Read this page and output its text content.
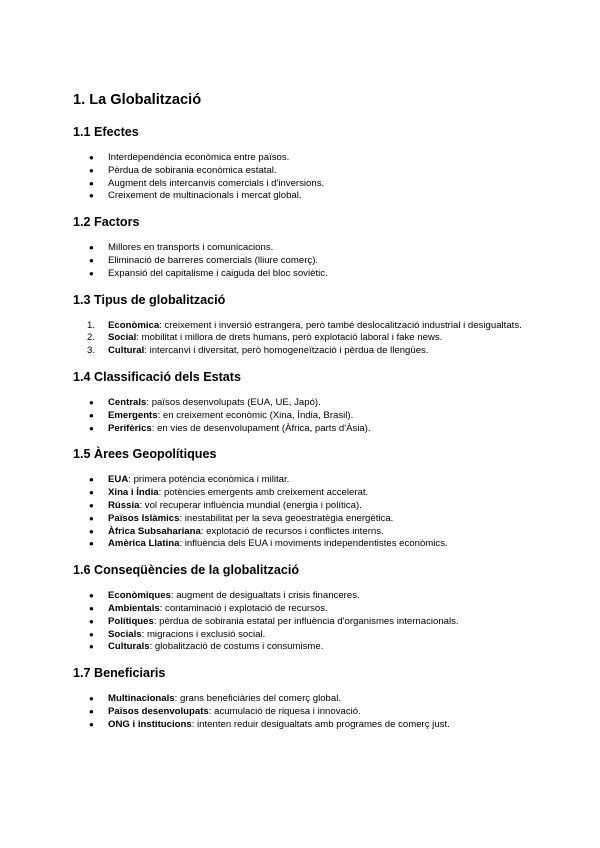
1. La Globalització
1.1 Efectes
● Interdependència econòmica entre països.
● Pèrdua de sobirania econòmica estatal.
● Augment dels intercanvis comercials i d'inversions.
● Creixement de multinacionals i mercat global.
1.2 Factors
● Millores en transports i comunicacions.
● Eliminació de barreres comercials (lliure comerç).
● Expansió del capitalisme i caiguda del bloc soviètic.
1.3 Tipus de globalització
1. Econòmica: creixement i inversió estrangera, però també deslocalització industrial i desigualtats.
2. Social: mobilitat i millora de drets humans, però explotació laboral i fake news.
3. Cultural: intercanvi i diversitat, però homogeneïtzació i pèrdua de llengües.
1.4 Classificació dels Estats
● Centrals: països desenvolupats (EUA, UE, Japó).
● Emergents: en creixement econòmic (Xina, Índia, Brasil).
● Perifèrics: en vies de desenvolupament (Àfrica, parts d'Àsia).
1.5 Àrees Geopolítiques
● EUA: primera potència econòmica i militar.
● Xina i Índia: potències emergents amb creixement accelerat.
● Rússia: vol recuperar influència mundial (energia i política).
● Països Islàmics: inestabilitat per la seva geoestratègia energètica.
● Àfrica Subsahariana: explotació de recursos i conflictes interns.
● Amèrica Llatina: influència dels EUA i moviments independentistes econòmics.
1.6 Conseqüències de la globalització
● Econòmiques: augment de desigualtats i crisis financeres.
● Ambientals: contaminació i explotació de recursos.
● Polítiques: pèrdua de sobirania estatal per influència d'organismes internacionals.
● Socials: migracions i exclusió social.
● Culturals: globalització de costums i consumisme.
1.7 Beneficiaris
● Multinacionals: grans beneficiàries del comerç global.
● Països desenvolupats: acumulació de riquesa i innovació.
● ONG i institucions: intenten reduir desigualtats amb programes de comerç just.
